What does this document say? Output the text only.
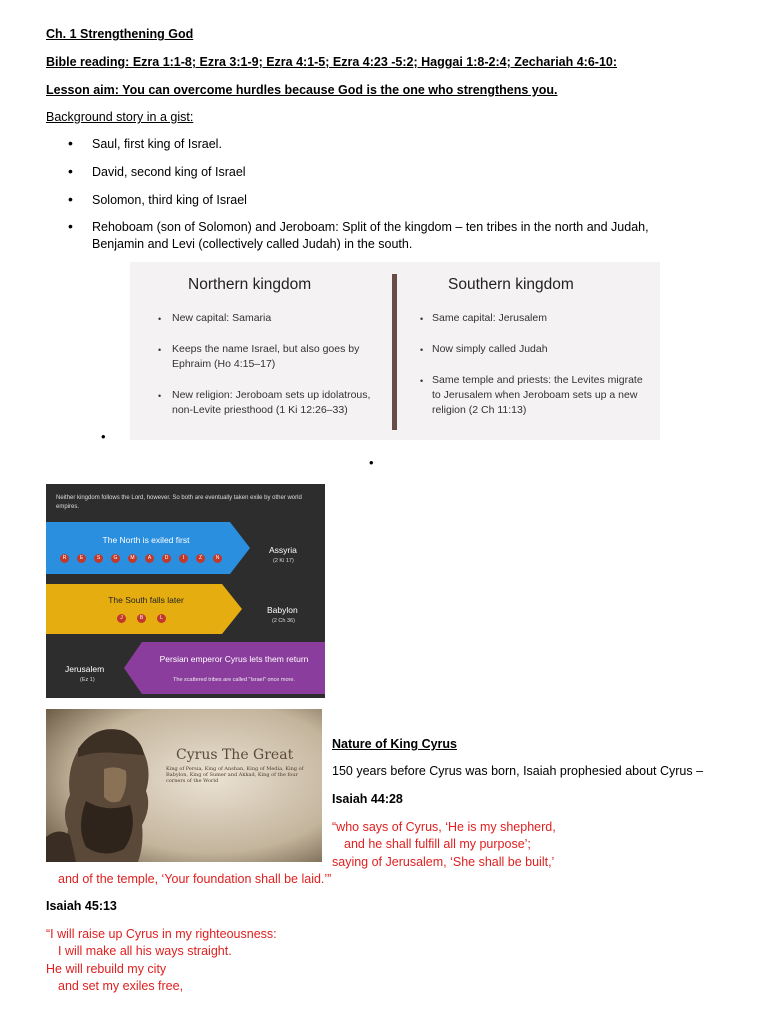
Ch. 1 Strengthening God
Bible reading: Ezra 1:1-8; Ezra 3:1-9; Ezra 4:1-5; Ezra 4:23 -5:2; Haggai 1:8-2:4; Zechariah 4:6-10:
Lesson aim: You can overcome hurdles because God is the one who strengthens you.
Background story in a gist:
• Saul, first king of Israel.
• David, second king of Israel
• Solomon, third king of Israel
• Rehoboam (son of Solomon) and Jeroboam: Split of the kingdom – ten tribes in the north and Judah, Benjamin and Levi (collectively called Judah) in the south.
Northern kingdom	Southern kingdom
• New capital: Samaria
• Keeps the name Israel, but also goes by Ephraim (Ho 4:15–17)
• New religion: Jeroboam sets up idolatrous, non-Levite priesthood (1 Ki 12:26–33)
• Same capital: Jerusalem
• Now simply called Judah
• Same temple and priests: the Levites migrate to Jerusalem when Jeroboam sets up a new religion (2 Ch 11:13)
•
•
Neither kingdom follows the Lord, however. So both are eventually taken exile by other world empires.
The North is exiled first
R	E	S	G	M	A	D	I	Z	N
Assyria
(2 Ki 17)
The South falls later
J	B	L
Babylon
(2 Ch 36)
Jerusalem
(Ez 1)
Persian emperor Cyrus lets them return
The scattered tribes are called "Israel" once more.
Cyrus The Great
King of Persia, King of Anshan, King of Media, King of Babylon, King of Sumer and Akkad, King of the four corners of the World
Nature of King Cyrus
150 years before Cyrus was born, Isaiah prophesied about Cyrus –
Isaiah 44:28
“who says of Cyrus, ‘He is my shepherd,
and he shall fulfill all my purpose’;
saying of Jerusalem, ‘She shall be built,’
and of the temple, ‘Your foundation shall be laid.’”
Isaiah 45:13
“I will raise up Cyrus in my righteousness:
I will make all his ways straight.
He will rebuild my city
and set my exiles free,
